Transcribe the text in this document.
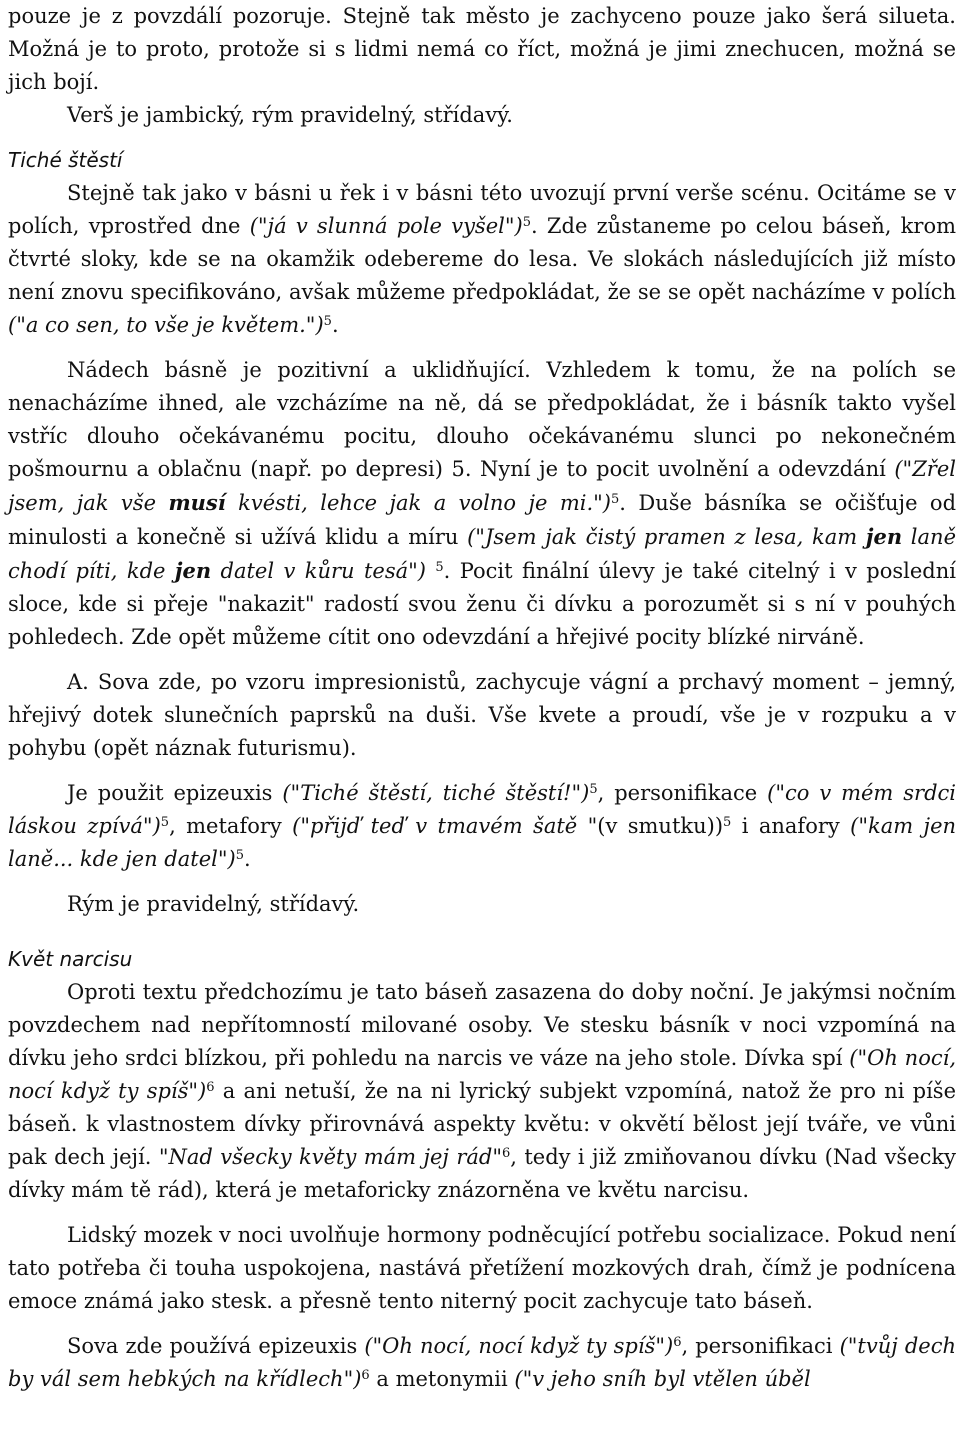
pouze je z povzdálí pozoruje. Stejně tak město je zachyceno pouze jako šerá silueta. Možná je to proto, protože si s lidmi nemá co říct, možná je jimi znechucen, možná se jich bojí.

Verš je jambický, rým pravidelný, střídavý.

Tiché štěstí

Stejně tak jako v básni u řek i v básni této uvozují první verše scénu. Ocitáme se v polích, vprostřed dne ("já v slunná pole vyšel")$^5$. Zde zůstaneme po celou báseň, krom čtvrté sloky, kde se na okamžik odebereme do lesa. Ve slokách následujících již místo není znovu specifikováno, avšak můžeme předpokládat, že se se opět nacházíme v polích ("a co sen, to vše je květem.")$^5$.

Nádech básně je pozitivní a uklidňující. Vzhledem k tomu, že na polích se nenacházíme ihned, ale vzcházíme na ně, dá se předpokládat, že i básník takto vyšel vstříc dlouho očekávanému pocitu, dlouho očekávanému slunci po nekonečném pošmournu a oblačnu (např. po depresi) 5. Nyní je to pocit uvolnění a odevzdání ("Zřel jsem, jak vše musí kvésti, lehce jak a volno je mi.")$^5$. Duše básníka se očišťuje od minulosti a konečně si užívá klidu a míru ("Jsem jak čistý pramen z lesa, kam jen laně chodí píti, kde jen datel v kůru tesá") $^5$. Pocit finální úlevy je také citelný i v poslední sloce, kde si přeje "nakazit" radostí svou ženu či dívku a porozumět si s ní v pouhých pohledech. Zde opět můžeme cítit ono odevzdání a hřejivé pocity blízké nirváně.

A. Sova zde, po vzoru impresionistů, zachycuje vágní a prchavý moment – jemný, hřejivý dotek slunečních paprsků na duši. Vše kvete a proudí, vše je v rozpuku a v pohybu (opět náznak futurismu).

Je použit epizeuxis ("Tiché štěstí, tiché štěstí!")$^5$, personifikace ("co v mém srdci láskou zpívá")$^5$, metafory ("přijď teď v tmavém šatě "(v smutku))$^5$ i anafory ("kam jen laně... kde jen datel")$^5$.

Rým je pravidelný, střídavý.

Květ narcisu

Oproti textu předchozímu je tato báseň zasazena do doby noční. Je jakýmsi nočním povzdechem nad nepřítomností milované osoby. Ve stesku básník v noci vzpomíná na dívku jeho srdci blízkou, při pohledu na narcis ve váze na jeho stole. Dívka spí ("Oh nocí, nocí když ty spíš")$^6$ a ani netuší, že na ni lyrický subjekt vzpomíná, natož že pro ni píše báseň. k vlastnostem dívky přirovnává aspekty květu: v okvětí bělost její tváře, ve vůni pak dech její. "Nad všecky květy mám jej rád"$^6$, tedy i již zmiňovanou dívku (Nad všecky dívky mám tě rád), která je metaforicky znázorněna ve květu narcisu.

Lidský mozek v noci uvolňuje hormony podněcující potřebu socializace. Pokud není tato potřeba či touha uspokojena, nastává přetížení mozkových drah, čímž je podnícena emoce známá jako stesk. a přesně tento niterný pocit zachycuje tato báseň.

Sova zde používá epizeuxis ("Oh nocí, nocí když ty spíš")$^6$, personifikaci ("tvůj dech by vál sem hebkých na křídlech")$^6$ a metonymii ("v jeho sníh byl vtělen úběl
